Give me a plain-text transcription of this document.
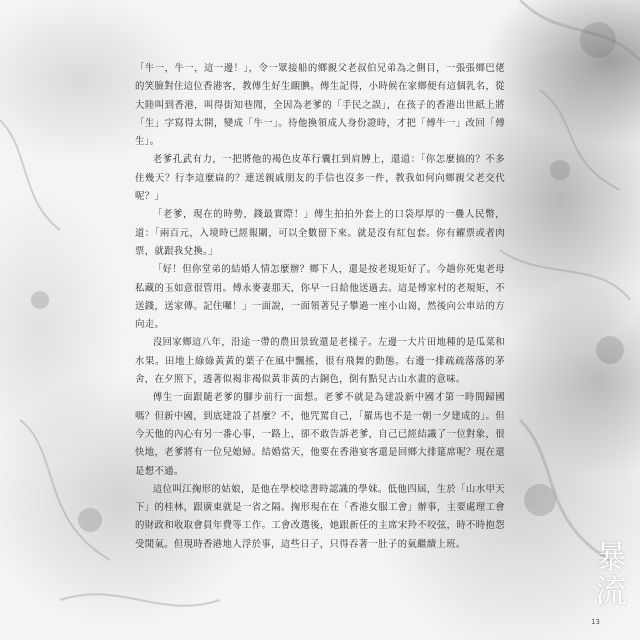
「牛一，牛一，這一邊！」，令一眾接船的鄉親父老叔伯兄弟為之側目，一張張鄉巴佬的笑臉對住這位香港客，教傅生好生靦腆。傅生記得，小時候在家鄉便有這個乳名，從大陸叫到香港，叫得街知巷聞，全因為老爹的「手民之誤」，在孩子的香港出世紙上將「生」字寫得太開，變成「牛一」。待他換領成人身份證時，才把「傅牛一」改回「傅生」。

老爹孔武有力，一把將他的褐色皮革行囊扛到肩膊上，還道：「你怎麼搞的？不多住幾天？行李這麼扁的？連送親戚朋友的手信也沒多一件，教我如何向鄉親父老交代呢？」

「老爹，現在的時勢，錢最實際！」傅生拍拍外套上的口袋厚厚的一疊人民幣，道：「兩百元，入境時已經報關，可以全數留下來。就是沒有紅包套。你有糴票或者肉票，就跟我兌換。」

「好！但你堂弟的結婚人情怎麼辦？鄉下人，還是按老規矩好了。今趟你死鬼老母私藏的玉如意很管用。傅永麥妻那天，你早一日給他送過去。這是傅家村的老規矩，不送錢，送家傳。記住囉！」一面說，一面領著兒子攀過一座小山崗，然後向公車站的方向走。

沒回家鄉這八年，沿途一帶的農田景致還是老樣子。左邊一大片田地種的是瓜菜和水果。田地上綠綠黃黃的葉子在風中飄搖，很有飛舞的動態。右邊一排疏疏落落的茅舍，在夕照下，透著似褐非褐似黃非黃的古銅色，倒有點兒古山水畫的意味。

傅生一面跟隨老爹的腳步前行一面想。老爹不就是為建設新中國才第一時間歸國嗎？但新中國，到底建設了甚麼？不，他咒罵自己，「羅馬也不是一朝一夕建成的」。但今天他的內心有另一番心事，一路上，卻不敢告訴老爹，自己已經結識了一位對象，很快地，老爹將有一位兒媳婦。結婚當天，他要在香港宴客還是回鄉大排筵席呢？現在還是想不通。

這位叫江掬形的姑娘，是他在學校唸書時認識的學妹。低他四屆，生於「山水甲天下」的桂林，跟廣東就是一省之隔。掬形現在在「香港女服工會」辦事，主要處理工會的財政和收取會員年費等工作。工會改選後，她跟新任的主席宋羚不咬弦，時不時抱怨受閒氣。但現時香港地人浮於事，這些日子，只得吞著一肚子的氣繼續上班。	暴流
13
